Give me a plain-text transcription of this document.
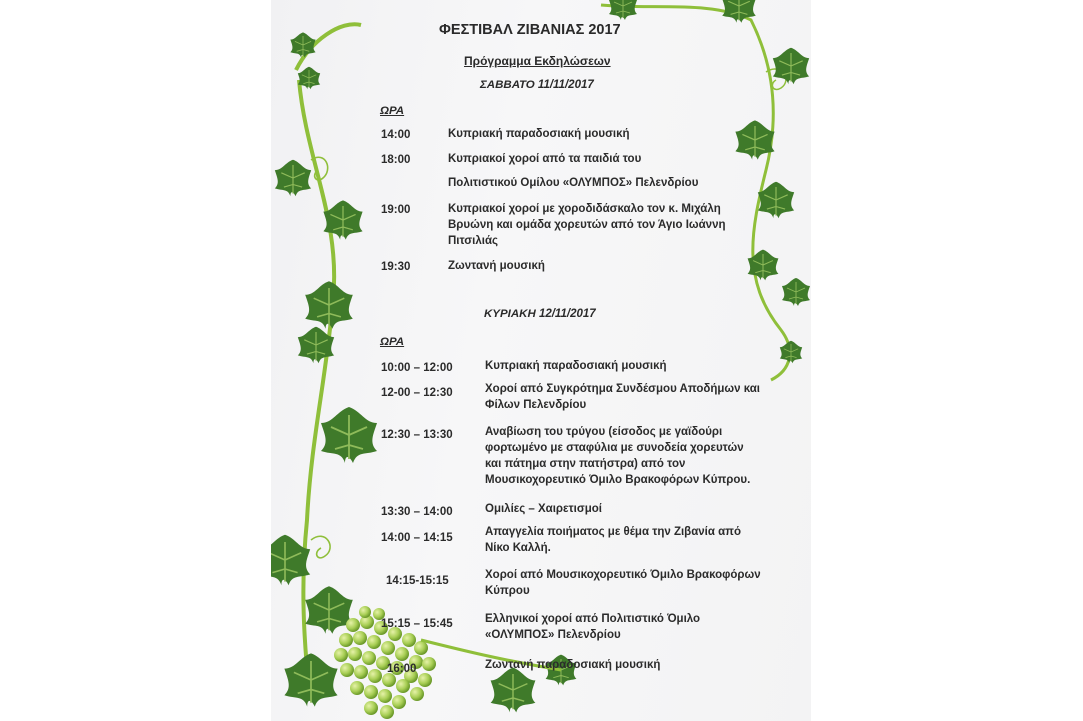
ΦΕΣΤΙΒΑΛ ΖΙΒΑΝΙΑΣ 2017
Πρόγραμμα Εκδηλώσεων
ΣΑΒΒΑΤΟ 11/11/2017
ΩΡΑ
14:00	Κυπριακή παραδοσιακή μουσική
18:00	Κυπριακοί χοροί από τα παιδιά του
Πολιτιστικού Ομίλου «ΟΛΥΜΠΟΣ» Πελενδρίου
19:00	Κυπριακοί χοροί με χοροδιδάσκαλο τον κ. Μιχάλη
Βρυώνη και ομάδα χορευτών από τον Άγιο Ιωάννη
Πιτσιλιάς
19:30	Ζωντανή μουσική
ΚΥΡΙΑΚΗ 12/11/2017
ΩΡΑ
10:00 – 12:00	Κυπριακή παραδοσιακή μουσική
12-00 – 12:30	Χοροί από Συγκρότημα Συνδέσμου Αποδήμων και
Φίλων Πελενδρίου
12:30 – 13:30	Αναβίωση του τρύγου (είσοδος με γαϊδούρι
φορτωμένο με σταφύλια με συνοδεία χορευτών
και πάτημα στην πατήστρα) από τον
Μουσικοχορευτικό Όμιλο Βρακοφόρων Κύπρου.
13:30 – 14:00	Ομιλίες – Χαιρετισμοί
14:00 – 14:15	Απαγγελία ποιήματος με θέμα την Ζιβανία από
Νίκο Καλλή.
14:15-15:15	Χοροί από Μουσικοχορευτικό Όμιλο Βρακοφόρων
Κύπρου
15:15 – 15:45	Ελληνικοί χοροί από Πολιτιστικό Όμιλο
«ΟΛΥΜΠΟΣ» Πελενδρίου
16:00	Ζωντανή παραδοσιακή μουσική
